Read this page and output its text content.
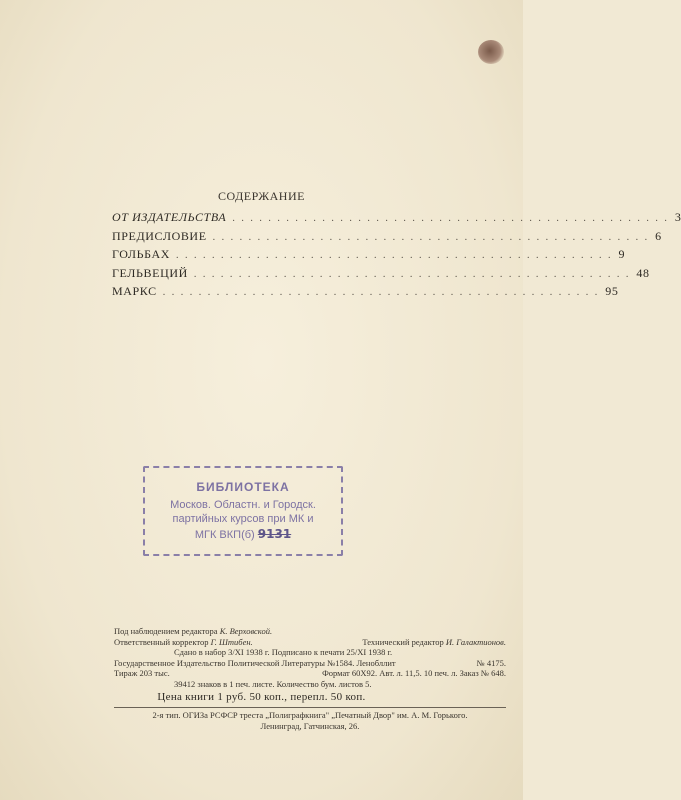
СОДЕРЖАНИЕ
ОТ ИЗДАТЕЛЬСТВА . . . . . . . . . . . . . . . . . . . . . . . . . . . . . . . . . . . . . . . . . . . . . . . . . 3
ПРЕДИСЛОВИЕ . . . . . . . . . . . . . . . . . . . . . . . . . . . . . . . . . . . . . . . . . . . . . . . . . 6
ГОЛЬБАХ . . . . . . . . . . . . . . . . . . . . . . . . . . . . . . . . . . . . . . . . . . . . . . . . . 9
ГЕЛЬВЕЦИЙ . . . . . . . . . . . . . . . . . . . . . . . . . . . . . . . . . . . . . . . . . . . . . . . . . 48
МАРКС . . . . . . . . . . . . . . . . . . . . . . . . . . . . . . . . . . . . . . . . . . . . . . . . . 95
БИБЛИОТЕКА
Москов. Областн. и Городск.
партийных курсов при МК и
МГК ВКП(б) 9131
Под наблюдением редактора К. Верховской.
Ответственный корректор Г. Штибен.	Технический редактор И. Галактионов.
Сдано в набор 3/XI 1938 г. Подписано к печати 25/XI 1938 г.
Государственное Издательство Политической Литературы №1584. Ленобллит	№ 4175.
Тираж 203 тыс.	Формат 60Х92. Авт. л. 11,5. 10 печ. л. Заказ № 648.
39412 знаков в 1 печ. листе. Количество бум. листов 5.
Цена книги 1 руб. 50 коп., перепл. 50 коп.
2-я тип. ОГИЗа РСФСР треста „Полиграфкнига" „Печатный Двор" им. А. М. Горького.
Ленинград, Гатчинская, 26.
